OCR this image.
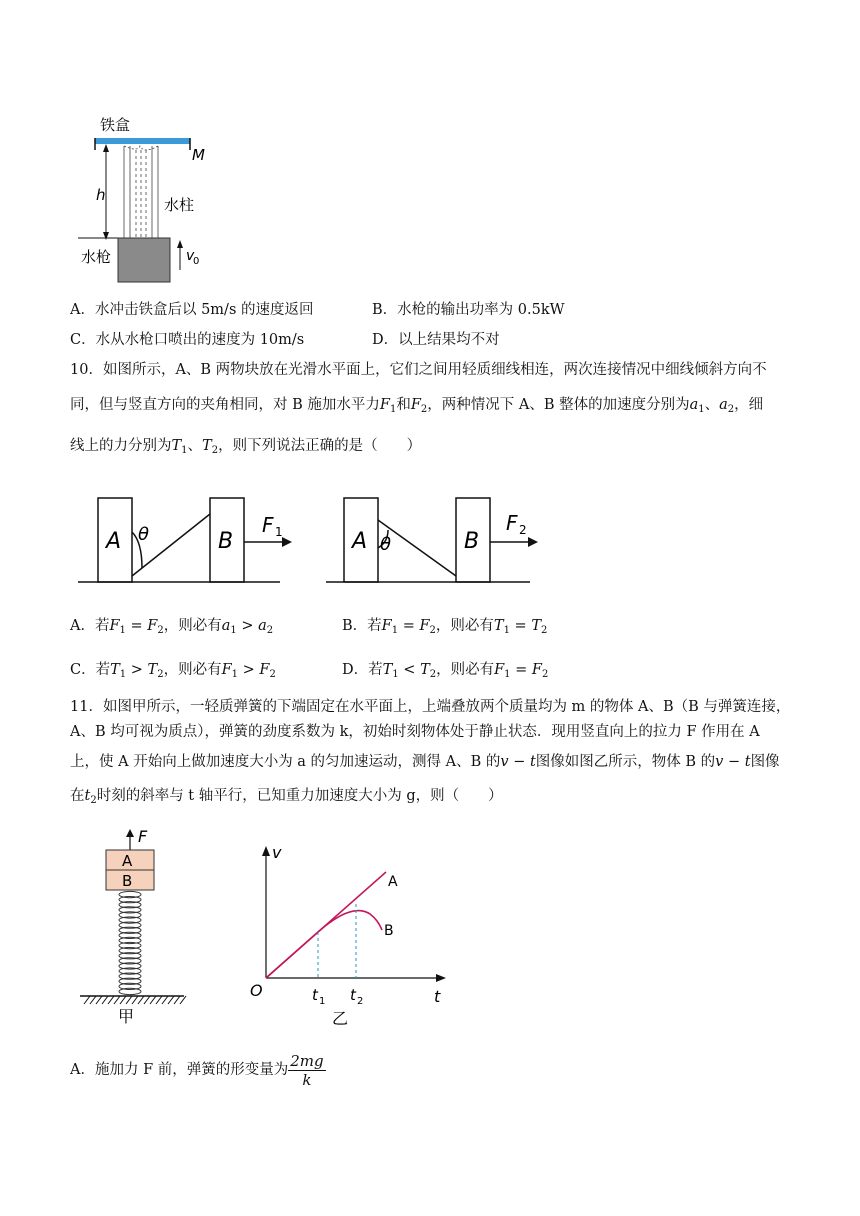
铁盒
M
h
水柱
水枪	v
0
A．水冲击铁盒后以 5m/s 的速度返回	B．水枪的输出功率为 0.5kW
C．水从水枪口喷出的速度为 10m/s	D．以上结果均不对
10．如图所示，A、B 两物块放在光滑水平面上，它们之间用轻质细线相连，两次连接情况中细线倾斜方向不
同，但与竖直方向的夹角相同，对 B 施加水平力$F_1$和$F_2$，两种情况下 A、B 整体的加速度分别为$a_1$、$a_2$，细
线上的力分别为$T_1$、$T_2$，则下列说法正确的是（　　）
A θ	B
F 1	A θ	B
F 2
A．若$F_1 = F_2$，则必有$a_1 > a_2$	B．若$F_1 = F_2$，则必有$T_1 = T_2$
C．若$T_1 > T_2$，则必有$F_1 > F_2$	D．若$T_1 < T_2$，则必有$F_1 = F_2$
11．如图甲所示，一轻质弹簧的下端固定在水平面上，上端叠放两个质量均为 m 的物体 A、B（B 与弹簧连接，
A、B 均可视为质点），弹簧的劲度系数为 k，初始时刻物体处于静止状态．现用竖直向上的拉力 F 作用在 A
上，使 A 开始向上做加速度大小为 a 的匀加速运动，测得 A、B 的v − t图像如图乙所示，物体 B 的v − t图像
在$t_2$时刻的斜率与 t 轴平行，已知重力加速度大小为 g，则（　　）
F
A
B
甲
v
t
O
A
B
t 1 t 2
乙
A．施加力 F 前，弹簧的形变量为 $\frac{2mg}{k}$
